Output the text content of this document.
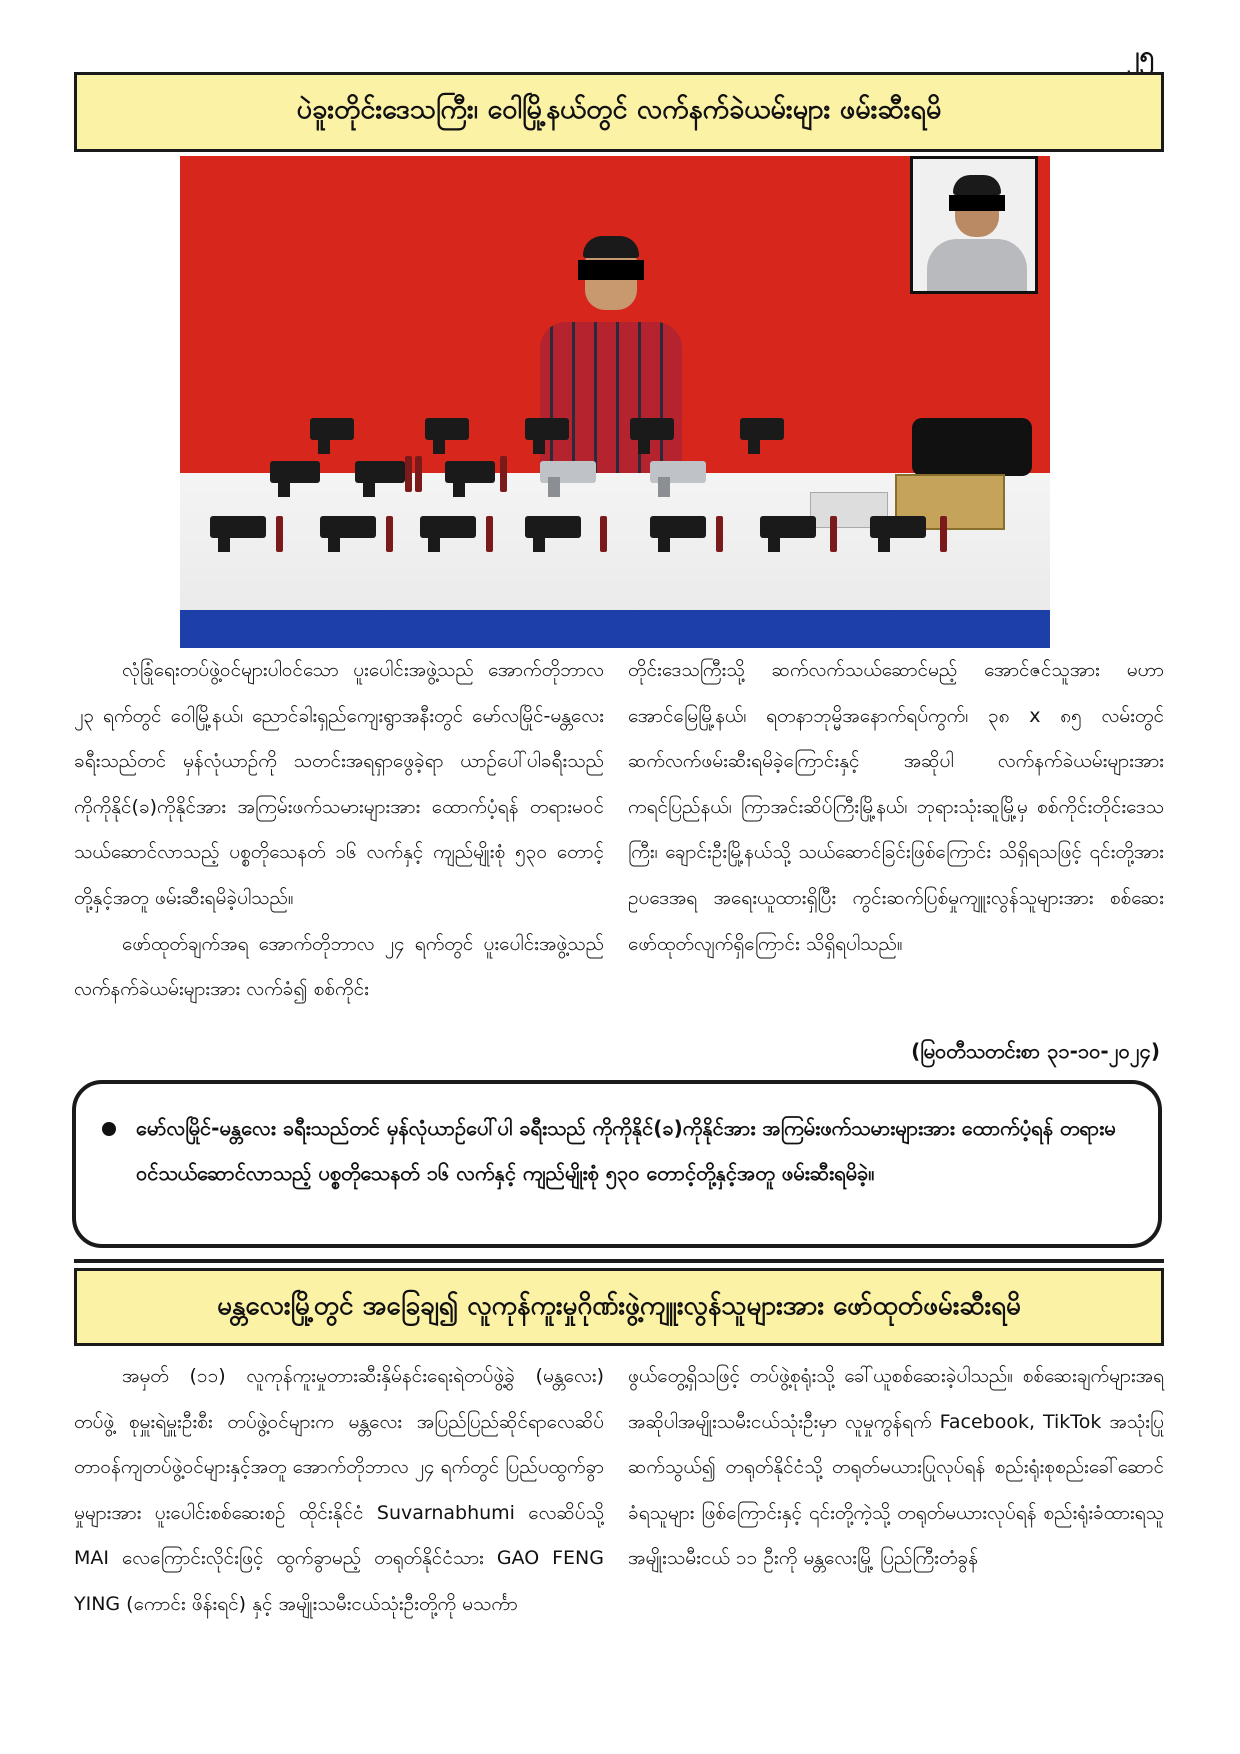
၂၅
ပဲခူးတိုင်းဒေသကြီး၊ ဝေါမြို့နယ်တွင် လက်နက်ခဲယမ်းများ ဖမ်းဆီးရမိ

လုံခြုံရေးတပ်ဖွဲ့ဝင်များပါဝင်သော ပူးပေါင်းအဖွဲ့သည် အောက်တိုဘာလ ၂၃ ရက်တွင် ဝေါမြို့နယ်၊ ညောင်ခါးရှည်ကျေးရွာအနီးတွင် မော်လမြိုင်-မန္တလေး ခရီးသည်တင် မှန်လုံယာဉ်ကို သတင်းအရရှာဖွေခဲ့ရာ ယာဉ်ပေါ်ပါခရီးသည် ကိုကိုနိုင်(ခ)ကိုနိုင်အား အကြမ်းဖက်သမားများအား ထောက်ပံ့ရန် တရားမဝင်သယ်ဆောင်လာသည့် ပစ္စတိုသေနတ် ၁၆ လက်နှင့် ကျည်မျိုးစုံ ၅၃၀ တောင့် တို့နှင့်အတူ ဖမ်းဆီးရမိခဲ့ပါသည်။

ဖော်ထုတ်ချက်အရ အောက်တိုဘာလ ၂၄ ရက်တွင် ပူးပေါင်းအဖွဲ့သည် လက်နက်ခဲယမ်းများအား လက်ခံ၍ စစ်ကိုင်း

တိုင်းဒေသကြီးသို့ ဆက်လက်သယ်ဆောင်မည့် အောင်ဇင်သူအား မဟာအောင်မြေမြို့နယ်၊ ရတနာဘုမ္မိအနောက်ရပ်ကွက်၊ ၃၈ x ၈၅ လမ်းတွင် ဆက်လက်ဖမ်းဆီးရမိခဲ့ကြောင်းနှင့် အဆိုပါ လက်နက်ခဲယမ်းများအား ကရင်ပြည်နယ်၊ ကြာအင်းဆိပ်ကြီးမြို့နယ်၊ ဘုရားသုံးဆူမြို့မှ စစ်ကိုင်းတိုင်းဒေသကြီး၊ ချောင်းဦးမြို့နယ်သို့ သယ်ဆောင်ခြင်းဖြစ်ကြောင်း သိရှိရသဖြင့် ၎င်းတို့အား ဥပဒေအရ အရေးယူထားရှိပြီး ကွင်းဆက်ပြစ်မှုကျူးလွန်သူများအား စစ်ဆေးဖော်ထုတ်လျက်ရှိကြောင်း သိရှိရပါသည်။

(မြဝတီသတင်းစာ ၃၁-၁၀-၂၀၂၄)
မော်လမြိုင်-မန္တလေး ခရီးသည်တင် မှန်လုံယာဉ်ပေါ်ပါ ခရီးသည် ကိုကိုနိုင်(ခ)ကိုနိုင်အား အကြမ်းဖက်သမားများအား ထောက်ပံ့ရန် တရားမဝင်သယ်ဆောင်လာသည့် ပစ္စတိုသေနတ် ၁၆ လက်နှင့် ကျည်မျိုးစုံ ၅၃၀ တောင့်တို့နှင့်အတူ ဖမ်းဆီးရမိခဲ့။
မန္တလေးမြို့တွင် အခြေချ၍ လူကုန်ကူးမှုဂိုဏ်းဖွဲ့ကျူးလွန်သူများအား ဖော်ထုတ်ဖမ်းဆီးရမိ

အမှတ် (၁၁) လူကုန်ကူးမှုတားဆီးနှိမ်နင်းရေးရဲတပ်ဖွဲ့ခွဲ (မန္တလေး) တပ်ဖွဲ့ စုမှူးရဲမှူးဦးစီး တပ်ဖွဲ့ဝင်များက မန္တလေး အပြည်ပြည်ဆိုင်ရာလေဆိပ် တာဝန်ကျတပ်ဖွဲ့ဝင်များနှင့်အတူ အောက်တိုဘာလ ၂၄ ရက်တွင် ပြည်ပထွက်ခွာမှုများအား ပူးပေါင်းစစ်ဆေးစဉ် ထိုင်းနိုင်ငံ Suvarnabhumi လေဆိပ်သို့ MAI လေကြောင်းလိုင်းဖြင့် ထွက်ခွာမည့် တရုတ်နိုင်ငံသား GAO FENG YING (ကောင်း ဖိန်းရင်) နှင့် အမျိုးသမီးငယ်သုံးဦးတို့ကို မသင်္ကာ

ဖွယ်တွေ့ရှိသဖြင့် တပ်ဖွဲ့စုရုံးသို့ ခေါ်ယူစစ်ဆေးခဲ့ပါသည်။ စစ်ဆေးချက်များအရ အဆိုပါအမျိုးသမီးငယ်သုံးဦးမှာ လူမှုကွန်ရက် Facebook, TikTok အသုံးပြုဆက်သွယ်၍ တရုတ်နိုင်ငံသို့ တရုတ်မယားပြုလုပ်ရန် စည်းရုံးစုစည်းခေါ်ဆောင်ခံရသူများ ဖြစ်ကြောင်းနှင့် ၎င်းတို့ကဲ့သို့ တရုတ်မယားလုပ်ရန် စည်းရုံးခံထားရသူ အမျိုးသမီးငယ် ၁၁ ဦးကို မန္တလေးမြို့ ပြည်ကြီးတံခွန်
